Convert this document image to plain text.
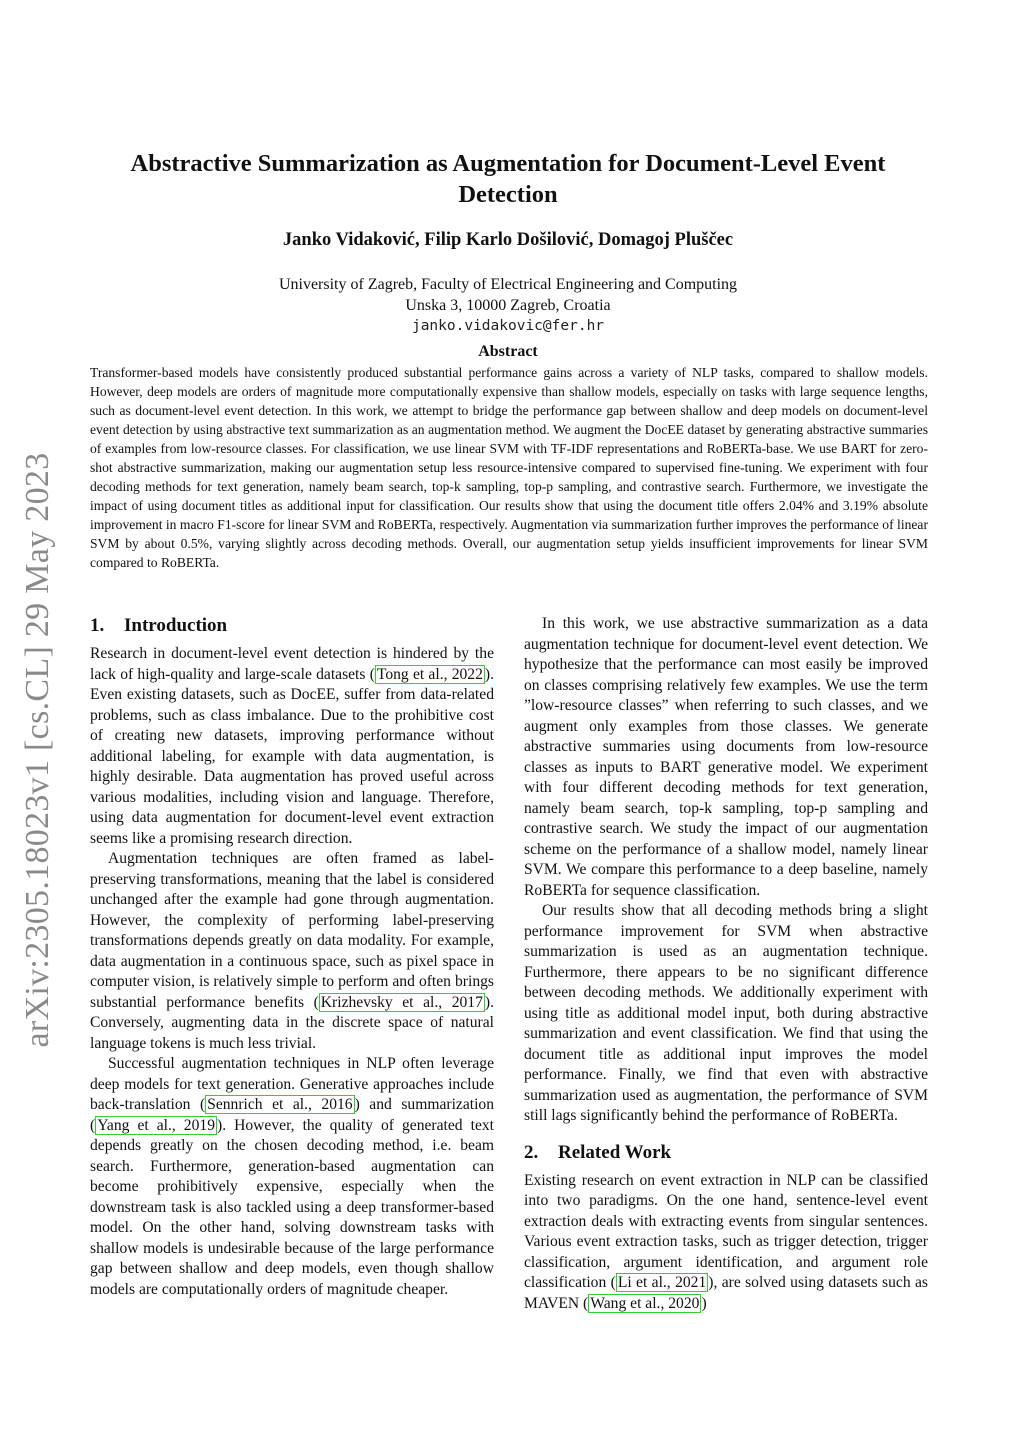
arXiv:2305.18023v1 [cs.CL] 29 May 2023
Abstractive Summarization as Augmentation for Document-Level Event Detection
Janko Vidaković, Filip Karlo Došilović, Domagoj Pluščec
University of Zagreb, Faculty of Electrical Engineering and Computing
Unska 3, 10000 Zagreb, Croatia
janko.vidakovic@fer.hr
Abstract
Transformer-based models have consistently produced substantial performance gains across a variety of NLP tasks, compared to shallow models. However, deep models are orders of magnitude more computationally expensive than shallow models, especially on tasks with large sequence lengths, such as document-level event detection. In this work, we attempt to bridge the performance gap between shallow and deep models on document-level event detection by using abstractive text summarization as an augmentation method. We augment the DocEE dataset by generating abstractive summaries of examples from low-resource classes. For classification, we use linear SVM with TF-IDF representations and RoBERTa-base. We use BART for zero-shot abstractive summarization, making our augmentation setup less resource-intensive compared to supervised fine-tuning. We experiment with four decoding methods for text generation, namely beam search, top-k sampling, top-p sampling, and contrastive search. Furthermore, we investigate the impact of using document titles as additional input for classification. Our results show that using the document title offers 2.04% and 3.19% absolute improvement in macro F1-score for linear SVM and RoBERTa, respectively. Augmentation via summarization further improves the performance of linear SVM by about 0.5%, varying slightly across decoding methods. Overall, our augmentation setup yields insufficient improvements for linear SVM compared to RoBERTa.
1. Introduction

Research in document-level event detection is hindered by the lack of high-quality and large-scale datasets ( Tong et al., 2022 ). Even existing datasets, such as DocEE, suffer from data-related problems, such as class imbalance. Due to the prohibitive cost of creating new datasets, improving performance without additional labeling, for example with data augmentation, is highly desirable. Data augmentation has proved useful across various modalities, including vision and language. Therefore, using data augmentation for document-level event extraction seems like a promising research direction.

Augmentation techniques are often framed as label-preserving transformations, meaning that the label is considered unchanged after the example had gone through augmentation. However, the complexity of performing label-preserving transformations depends greatly on data modality. For example, data augmentation in a continuous space, such as pixel space in computer vision, is relatively simple to perform and often brings substantial performance benefits ( Krizhevsky et al., 2017 ). Conversely, augmenting data in the discrete space of natural language tokens is much less trivial.

Successful augmentation techniques in NLP often leverage deep models for text generation. Generative approaches include back-translation ( Sennrich et al., 2016 ) and summarization ( Yang et al., 2019 ). However, the quality of generated text depends greatly on the chosen decoding method, i.e. beam search. Furthermore, generation-based augmentation can become prohibitively expensive, especially when the downstream task is also tackled using a deep transformer-based model. On the other hand, solving downstream tasks with shallow models is undesirable because of the large performance gap between shallow and deep models, even though shallow models are computationally orders of magnitude cheaper.

In this work, we use abstractive summarization as a data augmentation technique for document-level event detection. We hypothesize that the performance can most easily be improved on classes comprising relatively few examples. We use the term ”low-resource classes” when referring to such classes, and we augment only examples from those classes. We generate abstractive summaries using documents from low-resource classes as inputs to BART generative model. We experiment with four different decoding methods for text generation, namely beam search, top-k sampling, top-p sampling and contrastive search. We study the impact of our augmentation scheme on the performance of a shallow model, namely linear SVM. We compare this performance to a deep baseline, namely RoBERTa for sequence classification.

Our results show that all decoding methods bring a slight performance improvement for SVM when abstractive summarization is used as an augmentation technique. Furthermore, there appears to be no significant difference between decoding methods. We additionally experiment with using title as additional model input, both during abstractive summarization and event classification. We find that using the document title as additional input improves the model performance. Finally, we find that even with abstractive summarization used as augmentation, the performance of SVM still lags significantly behind the performance of RoBERTa.

2. Related Work

Existing research on event extraction in NLP can be classified into two paradigms. On the one hand, sentence-level event extraction deals with extracting events from singular sentences. Various event extraction tasks, such as trigger detection, trigger classification, argument identification, and argument role classification ( Li et al., 2021 ), are solved using datasets such as MAVEN ( Wang et al., 2020 )
